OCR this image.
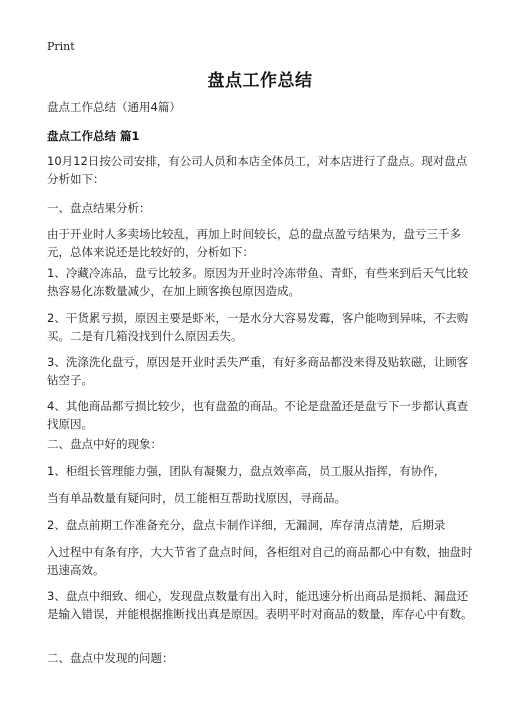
Print
盘点工作总结
盘点工作总结（通用4篇）
盘点工作总结 篇1

10月12日按公司安排，有公司人员和本店全体员工，对本店进行了盘点。现对盘点分析如下：

一、盘点结果分析：

由于开业时人多卖场比较乱，再加上时间较长，总的盘点盈亏结果为，盘亏三千多元，总体来说还是比较好的，分析如下：

1、冷藏冷冻品，盘亏比较多。原因为开业时冷冻带鱼、青虾，有些来到后天气比较热容易化冻数量减少，在加上顾客换包原因造成。

2、干货累亏损，原因主要是虾米，一是水分大容易发霉，客户能吻到异味，不去购买。二是有几箱没找到什么原因丢失。

3、洗涤洗化盘亏，原因是开业时丢失严重，有好多商品都没来得及贴软磁，让顾客钻空子。

4、其他商品都亏损比较少，也有盘盈的商品。不论是盘盈还是盘亏下一步都认真查找原因。

二、盘点中好的现象：

1、柜组长管理能力强，团队有凝聚力，盘点效率高，员工服从指挥，有协作，

当有单品数量有疑问时，员工能相互帮助找原因，寻商品。

2、盘点前期工作准备充分，盘点卡制作详细，无漏洞，库存清点清楚，后期录

入过程中有条有序，大大节省了盘点时间，各柜组对自己的商品都心中有数，抽盘时迅速高效。

3、盘点中细致、细心，发现盘点数量有出入时，能迅速分析出商品是损耗、漏盘还是输入错误，并能根据推断找出真是原因。表明平时对商品的数量，库存心中有数。

二、盘点中发现的问题：
